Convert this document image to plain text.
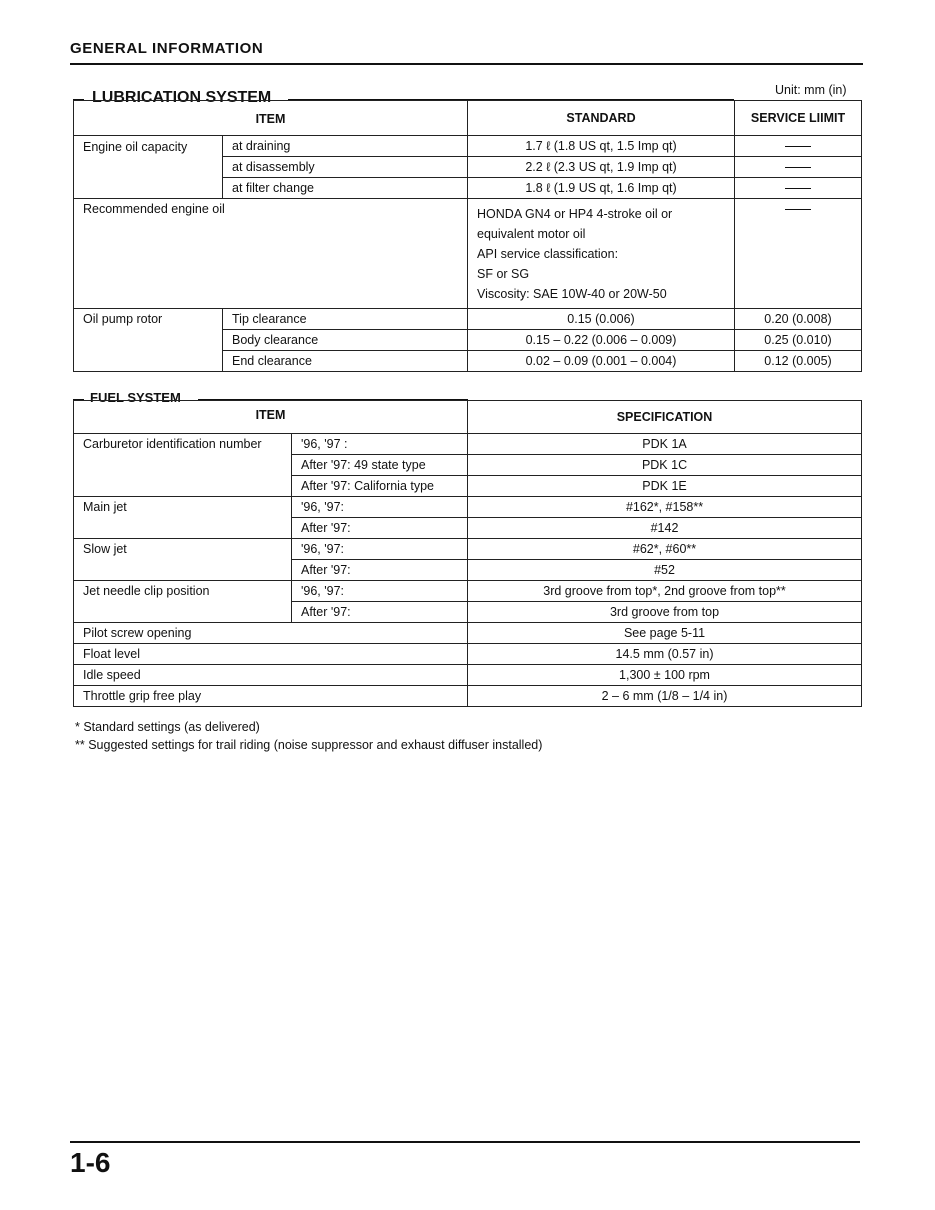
GENERAL INFORMATION
LUBRICATION SYSTEM	Unit: mm (in)
ITEM		STANDARD	SERVICE LIIMIT
Engine oil capacity	at draining	1.7 ℓ (1.8 US qt, 1.5 Imp qt)	
	at disassembly	2.2 ℓ (2.3 US qt, 1.9 Imp qt)	
	at filter change	1.8 ℓ (1.9 US qt, 1.6 Imp qt)	
Recommended engine oil		HONDA GN4 or HP4 4-stroke oil or
equivalent motor oil
API service classification:
SF or SG
Viscosity: SAE 10W-40 or 20W-50	

Oil pump rotor	Tip clearance	0.15 (0.006)	0.20 (0.008)
	Body clearance	0.15 – 0.22 (0.006 – 0.009)	0.25 (0.010)
	End clearance	0.02 – 0.09 (0.001 – 0.004)	0.12 (0.005)
FUEL SYSTEM
ITEM		SPECIFICATION
Carburetor identification number	'96, '97 :	PDK 1A
	After '97: 49 state type	PDK 1C
	After '97: California type	PDK 1E
Main jet	'96, '97:	#162*, #158**
	After '97:	#142
Slow jet	'96, '97:	#62*, #60**
	After '97:	#52
Jet needle clip position	'96, '97:	3rd groove from top*, 2nd groove from top**
	After '97:	3rd groove from top
Pilot screw opening		See page 5-11
Float level		14.5 mm (0.57 in)
Idle speed		1,300 ± 100 rpm
Throttle grip free play		2 – 6 mm (1/8 – 1/4 in)
* Standard settings (as delivered)
** Suggested settings for trail riding (noise suppressor and exhaust diffuser installed)
1-6
